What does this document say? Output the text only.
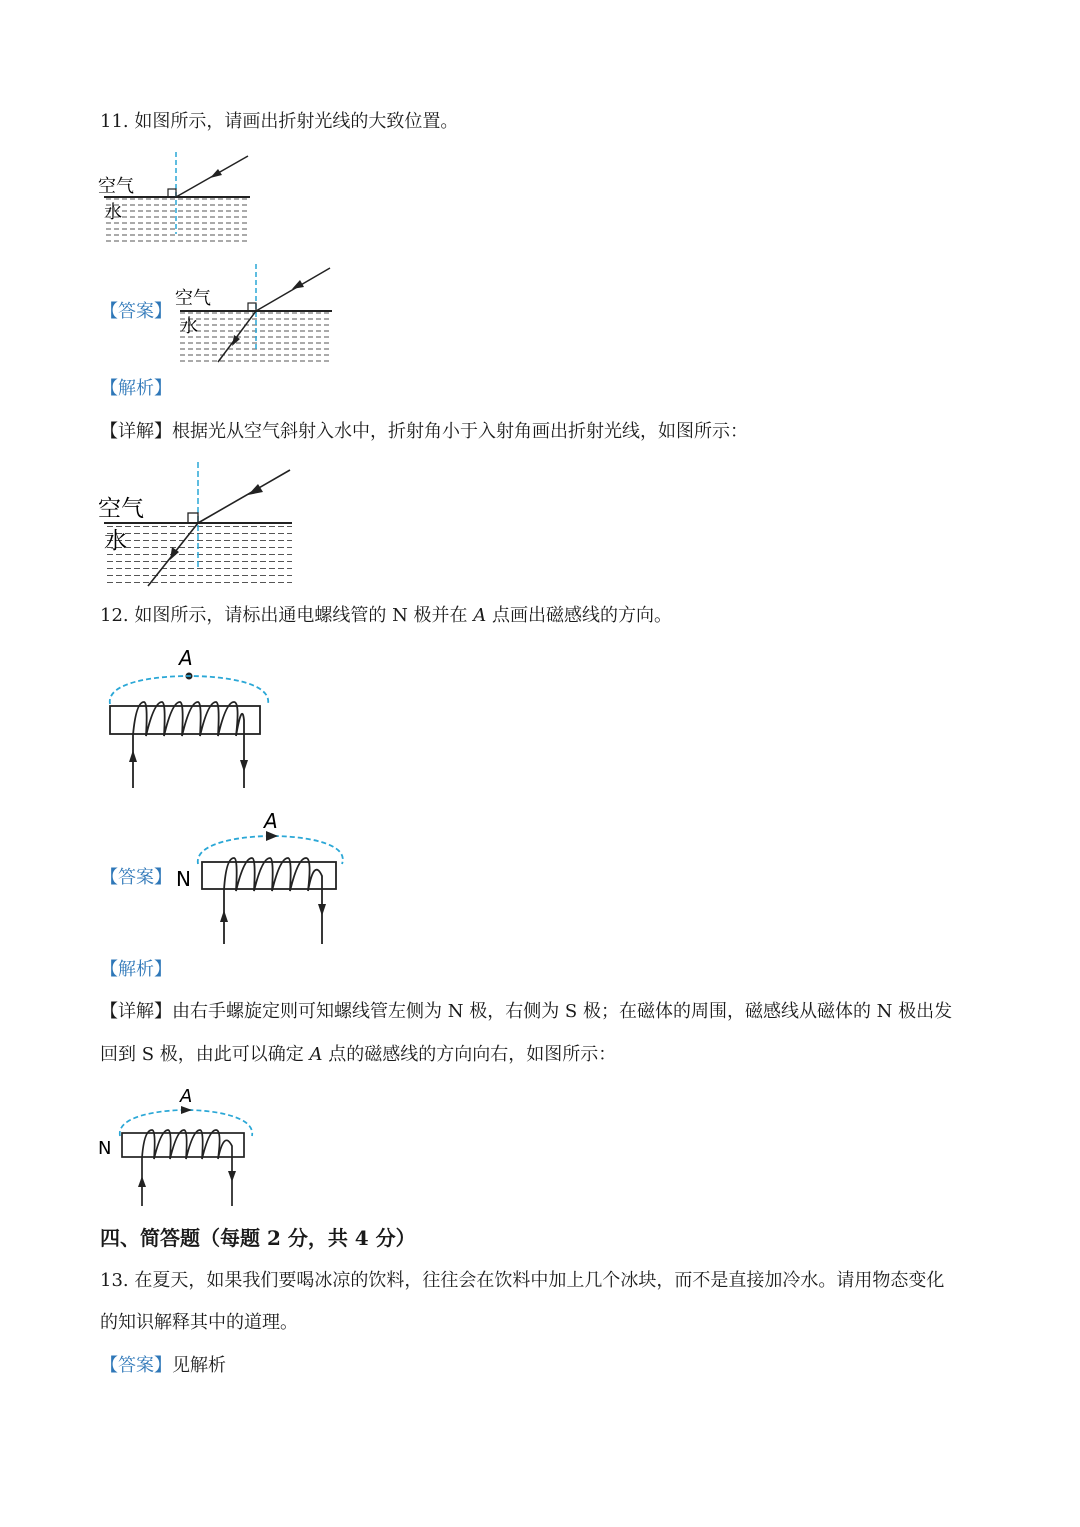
11. 如图所示，请画出折射光线的大致位置。
空气
水
【答案】
空气
水
【解析】
【详解】根据光从空气斜射入水中，折射角小于入射角画出折射光线，如图所示：
空气
水
12. 如图所示，请标出通电螺线管的 N 极并在 A 点画出磁感线的方向。
A
【答案】
A
N
【解析】
【详解】由右手螺旋定则可知螺线管左侧为 N 极，右侧为 S 极；在磁体的周围，磁感线从磁体的 N 极出发
回到 S 极，由此可以确定 A 点的磁感线的方向向右，如图所示：
A
N
四、简答题（每题 2 分，共 4 分）
13. 在夏天，如果我们要喝冰凉的饮料，往往会在饮料中加上几个冰块，而不是直接加冷水。请用物态变化
的知识解释其中的道理。
【答案】见解析
